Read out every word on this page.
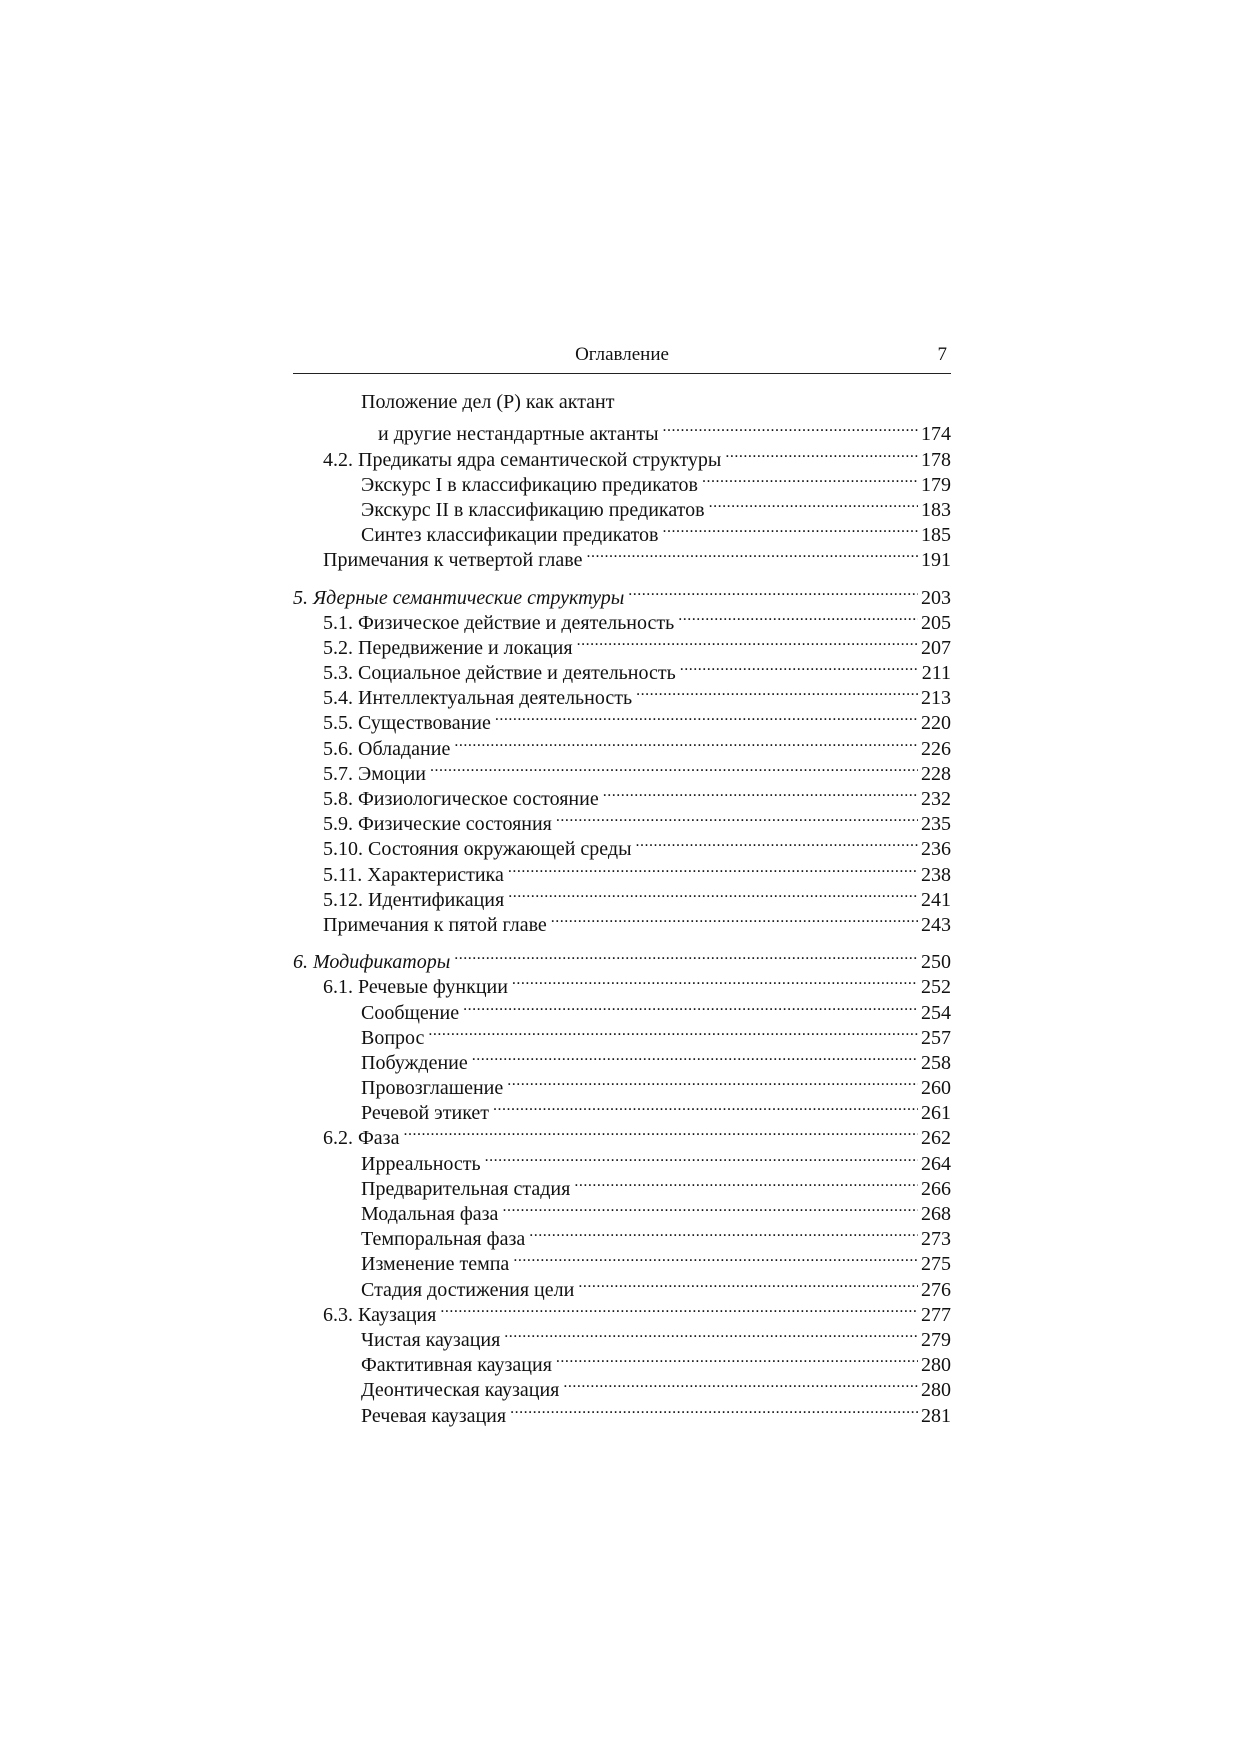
Оглавление	7
Положение дел (P) как актант
и другие нестандартные актанты .....	174
4.2. Предикаты ядра семантической структуры .....	178
Экскурс I в классификацию предикатов .....	179
Экскурс II в классификацию предикатов .....	183
Синтез классификации предикатов .....	185
Примечания к четвертой главе .....	191
5. Ядерные семантические структуры .....	203
5.1. Физическое действие и деятельность .....	205
5.2. Передвижение и локация .....	207
5.3. Социальное действие и деятельность .....	211
5.4. Интеллектуальная деятельность .....	213
5.5. Существование .....	220
5.6. Обладание .....	226
5.7. Эмоции .....	228
5.8. Физиологическое состояние .....	232
5.9. Физические состояния .....	235
5.10. Состояния окружающей среды .....	236
5.11. Характеристика .....	238
5.12. Идентификация .....	241
Примечания к пятой главе .....	243
6. Модификаторы .....	250
6.1. Речевые функции .....	252
Сообщение .....	254
Вопрос .....	257
Побуждение .....	258
Провозглашение .....	260
Речевой этикет .....	261
6.2. Фаза .....	262
Ирреальность .....	264
Предварительная стадия .....	266
Модальная фаза .....	268
Темпоральная фаза .....	273
Изменение темпа .....	275
Стадия достижения цели .....	276
6.3. Каузация .....	277
Чистая каузация .....	279
Фактитивная каузация .....	280
Деонтическая каузация .....	280
Речевая каузация .....	281
